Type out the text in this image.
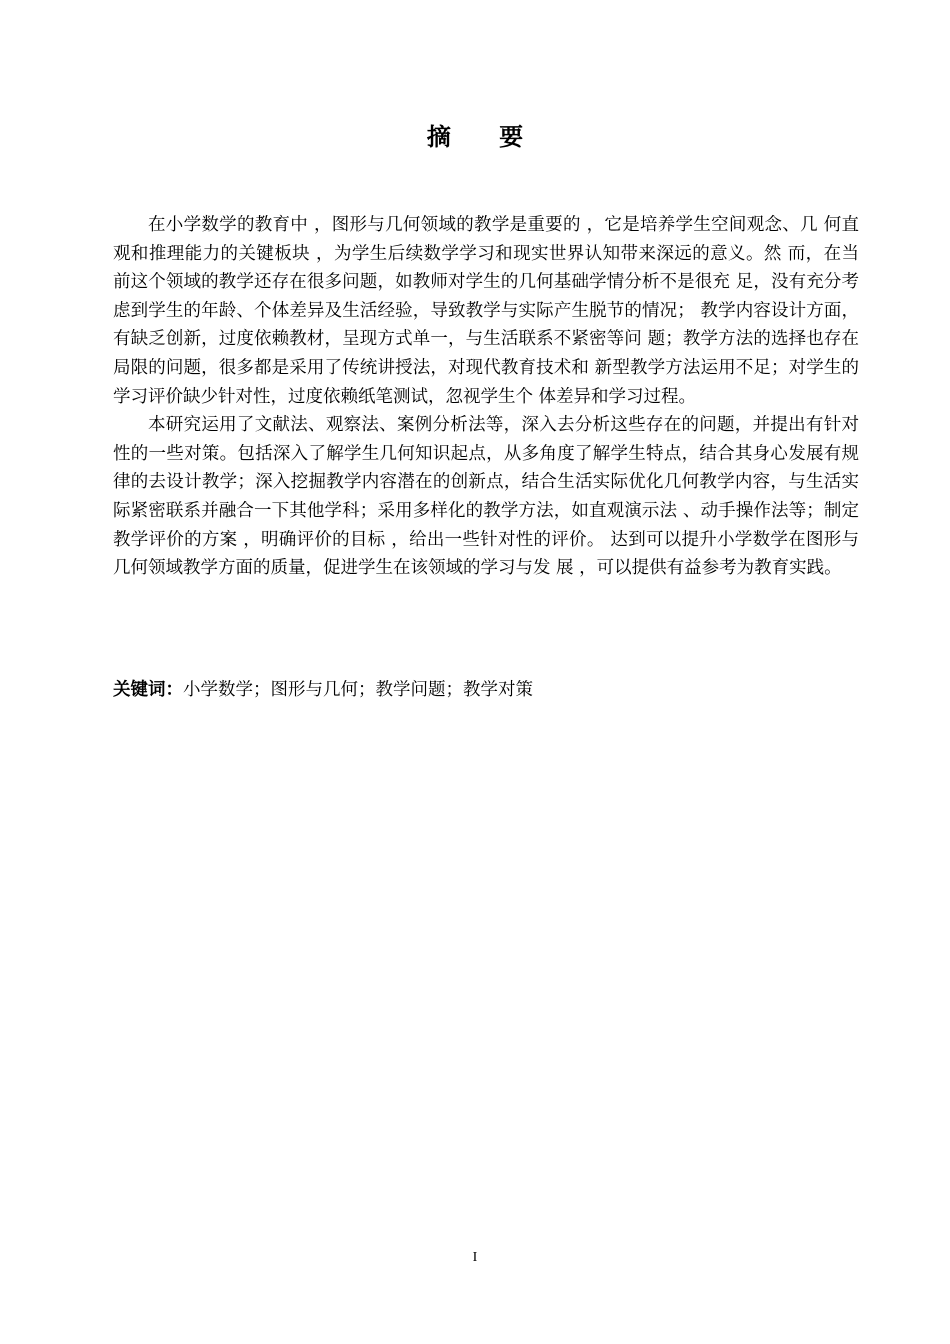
摘 要

在小学数学的教育中 ，图形与几何领域的教学是重要的 ，它是培养学生空间观念、几 何直观和推理能力的关键板块 ，为学生后续数学学习和现实世界认知带来深远的意义。然 而，在当前这个领域的教学还存在很多问题，如教师对学生的几何基础学情分析不是很充 足，没有充分考虑到学生的年龄、个体差异及生活经验，导致教学与实际产生脱节的情况； 教学内容设计方面，有缺乏创新，过度依赖教材，呈现方式单一，与生活联系不紧密等问 题；教学方法的选择也存在局限的问题，很多都是采用了传统讲授法，对现代教育技术和 新型教学方法运用不足；对学生的学习评价缺少针对性，过度依赖纸笔测试，忽视学生个 体差异和学习过程。

本研究运用了文献法、观察法、案例分析法等，深入去分析这些存在的问题，并提出有针对性的一些对策。包括深入了解学生几何知识起点，从多角度了解学生特点，结合其身心发展有规律的去设计教学；深入挖掘教学内容潜在的创新点，结合生活实际优化几何教学内容，与生活实际紧密联系并融合一下其他学科；采用多样化的教学方法，如直观演示法 、动手操作法等；制定教学评价的方案 ，明确评价的目标 ，给出一些针对性的评价。 达到可以提升小学数学在图形与几何领域教学方面的质量，促进学生在该领域的学习与发 展 ，可以提供有益参考为教育实践。

关键词：小学数学；图形与几何；教学问题；教学对策
I
